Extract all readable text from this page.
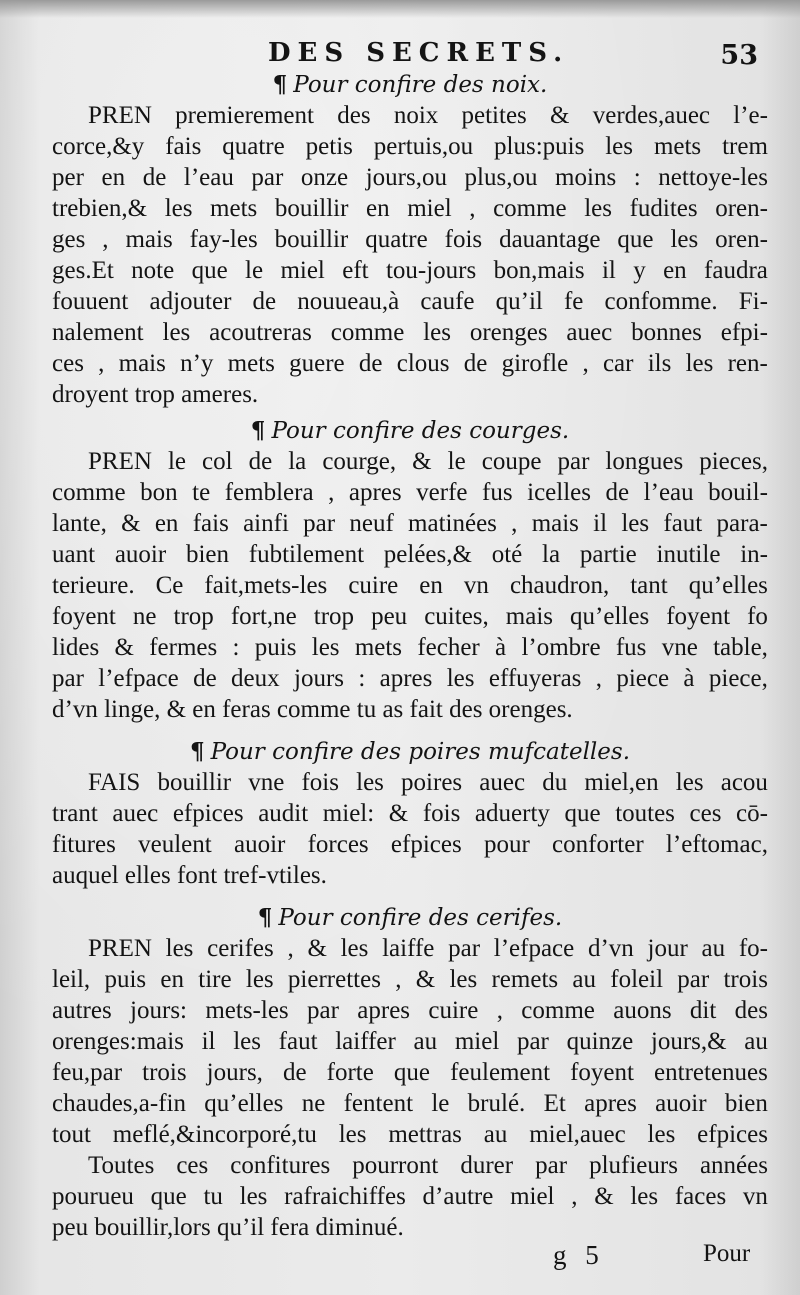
DES SECRETS.	53

¶ Pour confire des noix.

PREN premierement des noix petites & verdes,auec l’e-

corce,&y fais quatre petis pertuis,ou plus:puis les mets trem

per en de l’eau par onze jours,ou plus,ou moins : nettoye-les

trebien,& les mets bouillir en miel , comme les fudites oren-

ges , mais fay-les bouillir quatre fois dauantage que les oren-

ges.Et note que le miel eft tou-jours bon,mais il y en faudra

fouuent adjouter de nouueau,à caufe qu’il fe confomme. Fi-

nalement les acoutreras comme les orenges auec bonnes efpi-

ces , mais n’y mets guere de clous de girofle , car ils les ren-

droyent trop ameres.

¶ Pour confire des courges.

PREN le col de la courge, & le coupe par longues pieces,

comme bon te femblera , apres verfe fus icelles de l’eau bouil-

lante, & en fais ainfi par neuf matinées , mais il les faut para-

uant auoir bien fubtilement pelées,& oté la partie inutile in-

terieure. Ce fait,mets-les cuire en vn chaudron, tant qu’elles

foyent ne trop fort,ne trop peu cuites, mais qu’elles foyent fo

lides & fermes : puis les mets fecher à l’ombre fus vne table,

par l’efpace de deux jours : apres les effuyeras , piece à piece,

d’vn linge, & en feras comme tu as fait des orenges.

¶ Pour confire des poires mufcatelles.

FAIS bouillir vne fois les poires auec du miel,en les acou

trant auec efpices audit miel: & fois aduerty que toutes ces cō-

fitures veulent auoir forces efpices pour conforter l’eftomac,

auquel elles font tref-vtiles.

¶ Pour confire des cerifes.

PREN les cerifes , & les laiffe par l’efpace d’vn jour au fo-

leil, puis en tire les pierrettes , & les remets au foleil par trois

autres jours: mets-les par apres cuire , comme auons dit des

orenges:mais il les faut laiffer au miel par quinze jours,& au

feu,par trois jours, de forte que feulement foyent entretenues

chaudes,a-fin qu’elles ne fentent le brulé. Et apres auoir bien

tout meflé,&incorporé,tu les mettras au miel,auec les efpices

Toutes ces confitures pourront durer par plufieurs années

pourueu que tu les rafraichiffes d’autre miel , & les faces vn

peu bouillir,lors qu’il fera diminué.

g 5	Pour
